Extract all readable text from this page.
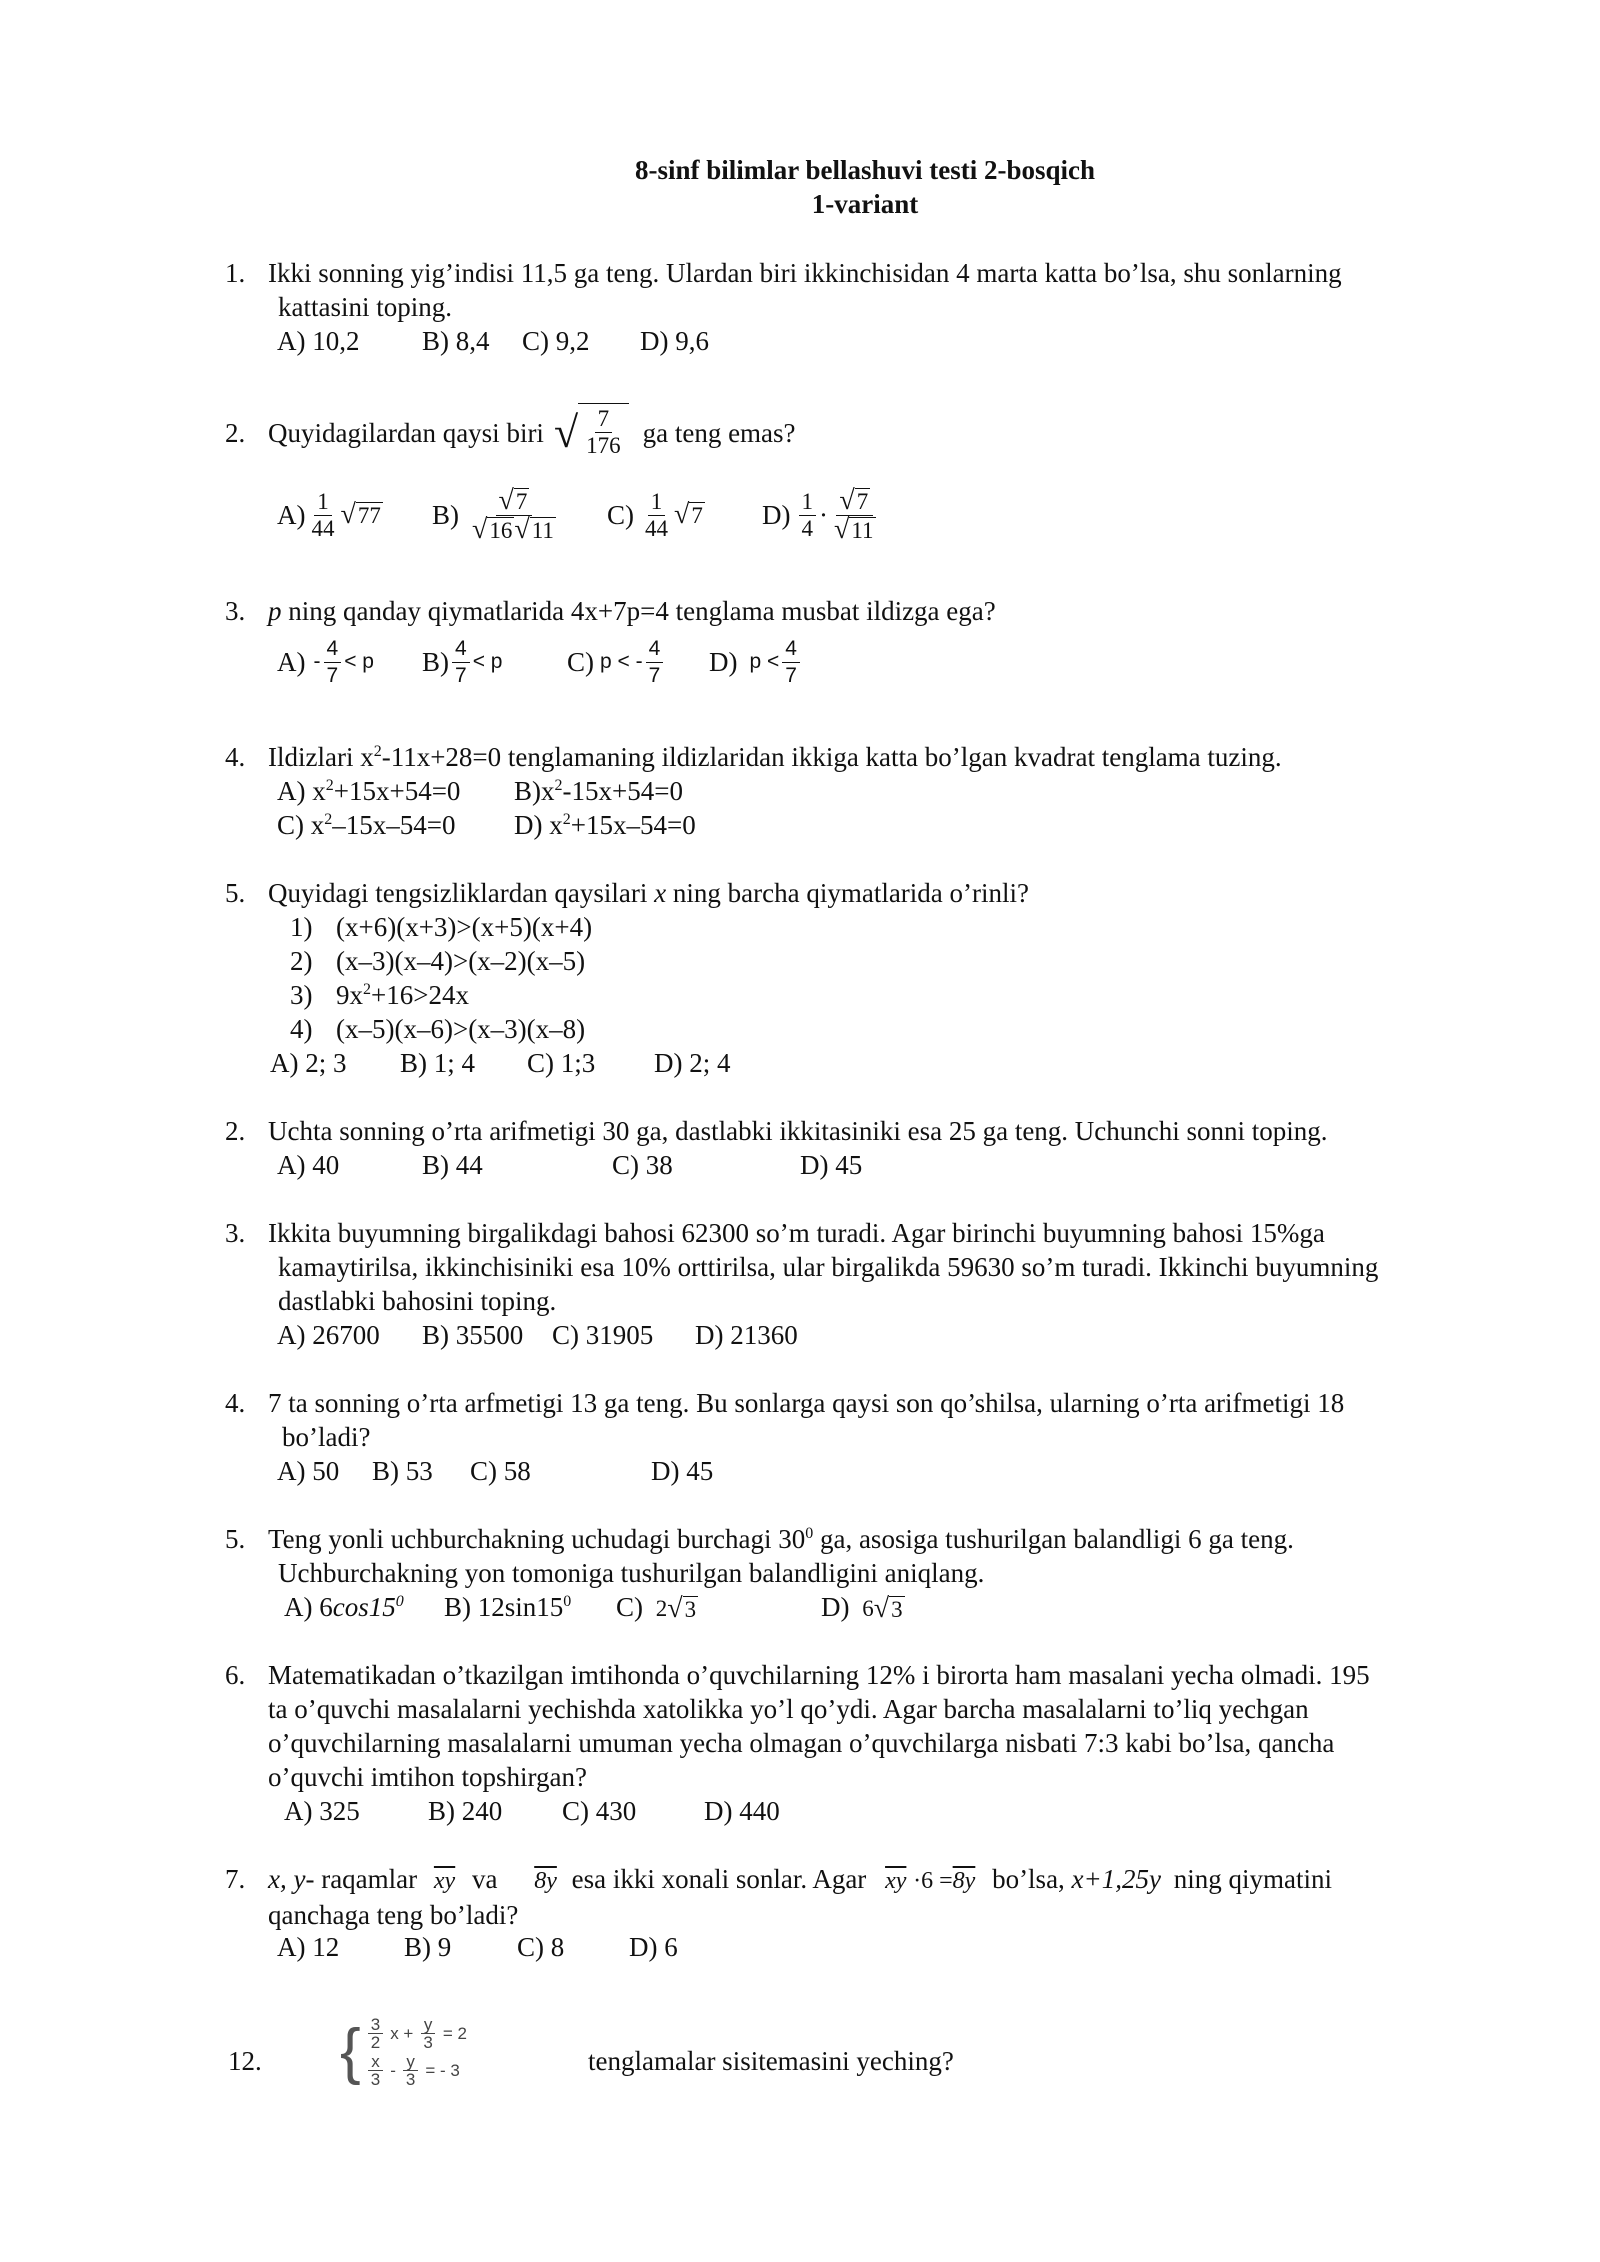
8-sinf bilimlar bellashuvi testi 2-bosqich
1-variant
1. Ikki sonning yig’indisi 11,5 ga teng. Ulardan biri ikkinchisidan 4 marta katta bo’lsa, shu sonlarning
kattasini toping.

A) 10,2

B) 8,4

C) 9,2

D) 9,6

2. Quyidagilardan qaysi biri √ $\frac{7}{176}$ ga teng emas?

$A) \frac{1}{44}$ √ 77

$B) \frac{√ 7}{√ 16 √ 11}$

$C) \frac{1}{44}$ √ 7

$D) \frac{1}{4} \cdot \frac{√ 7}{√ 11}$

3. p ning qanday qiymatlarida 4x+7p=4 tenglama musbat ildizga ega?

$A) - \frac{4}{7} < p$

$B) \frac{4}{7} < p$

C) p < - $\frac{4}{7}$

D) $p < \frac{4}{7}$

4. Ildizlari $x^2-11x+28=0$ tenglamaning ildizlaridan ikkiga katta bo’lgan kvadrat tenglama tuzing.

A) $x^2+15x+54=0$

$B)x^2-15x+54=0$

C) $x^2-15x-54=0$

D) $x^2+15x-54=0$

5. Quyidagi tengsizliklardan qaysilari x ning barcha qiymatlarida o’rinli?
1) (x+6)(x+3)>(x+5)(x+4)
2) (x–3)(x–4)>(x–2)(x–5)
3) $9x^2+16>24x$
4) (x–5)(x–6)>(x–3)(x–8)

A) 2; 3

B) 1; 4

C) 1;3

D) 2; 4

2. Uchta sonning o’rta arifmetigi 30 ga, dastlabki ikkitasiniki esa 25 ga teng. Uchunchi sonni toping.

A) 40

	B) 44

	C) 38

	D) 45

3. Ikkita buyumning birgalikdagi bahosi 62300 so’m turadi. Agar birinchi buyumning bahosi 15%ga
kamaytirilsa, ikkinchisiniki esa 10% orttirilsa, ular birgalikda 59630 so’m turadi. Ikkinchi buyumning
dastlabki bahosini toping.

A) 26700

B) 35500

C) 31905

D) 21360

4. 7 ta sonning o’rta arfmetigi 13 ga teng. Bu sonlarga qaysi son qo’shilsa, ularning o’rta arifmetigi 18
bo’ladi?

A) 50

B) 53

C) 58

	D) 45

5. Teng yonli uchburchakning uchudagi burchagi $30^0$ ga, asosiga tushurilgan balandligi 6 ga teng.
Uchburchakning yon tomoniga tushurilgan balandligini aniqlang.

A) $6\cos 15^0$

B) $12\sin 15^0$

C) 2 √ 3

	D) 6 √ 3

6. Matematikadan o’tkazilgan imtihonda o’quvchilarning 12% i birorta ham masalani yecha olmadi. 195
ta o’quvchi masalalarni yechishda xatolikka yo’l qo’ydi. Agar barcha masalalarni to’liq yechgan
o’quvchilarning masalalarni umuman yecha olmagan o’quvchilarga nisbati 7:3 kabi bo’lsa, qancha
o’quvchi imtihon topshirgan?

A) 325

	B) 240

C) 430

	D) 440

7. x, y- raqamlar $\overline{xy}$ va 8y esa ikki xonali sonlar. Agar $\overline{xy} \cdot 6 =8y$ bo’lsa, x+1,25y ning qiymatini
qanchaga teng bo’ladi?

A) 12

B) 9

C) 8

D) 6

12. { $\frac{3}{2}$ $x + \frac{y}{3} = 2$
$\frac{x}{3} - \frac{y}{3}$ = - 3	tenglamalar sisitemasini yeching?
